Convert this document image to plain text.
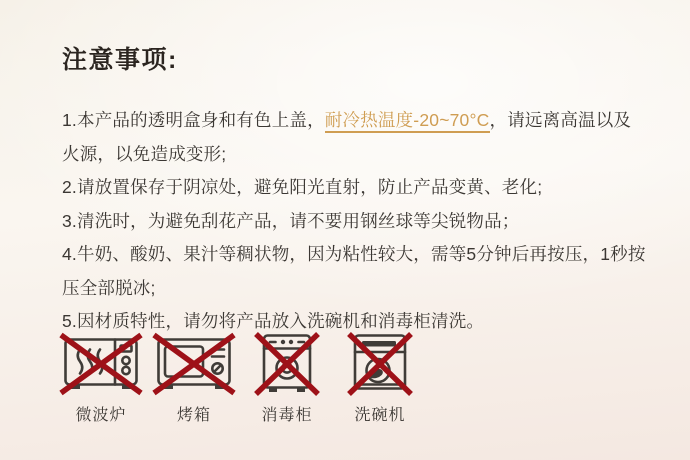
注意事项:
1.本产品的透明盒身和有色上盖，耐冷热温度-20~70°C，请远离高温以及
火源，以免造成变形;
2.请放置保存于阴凉处，避免阳光直射，防止产品变黄、老化;
3.清洗时，为避免刮花产品，请不要用钢丝球等尖锐物品；
4.牛奶、酸奶、果汁等稠状物，因为粘性较大，需等5分钟后再按压，1秒按
压全部脱冰;
5.因材质特性，请勿将产品放入洗碗机和消毒柜清洗。
微波炉	烤箱	消毒柜	洗碗机
